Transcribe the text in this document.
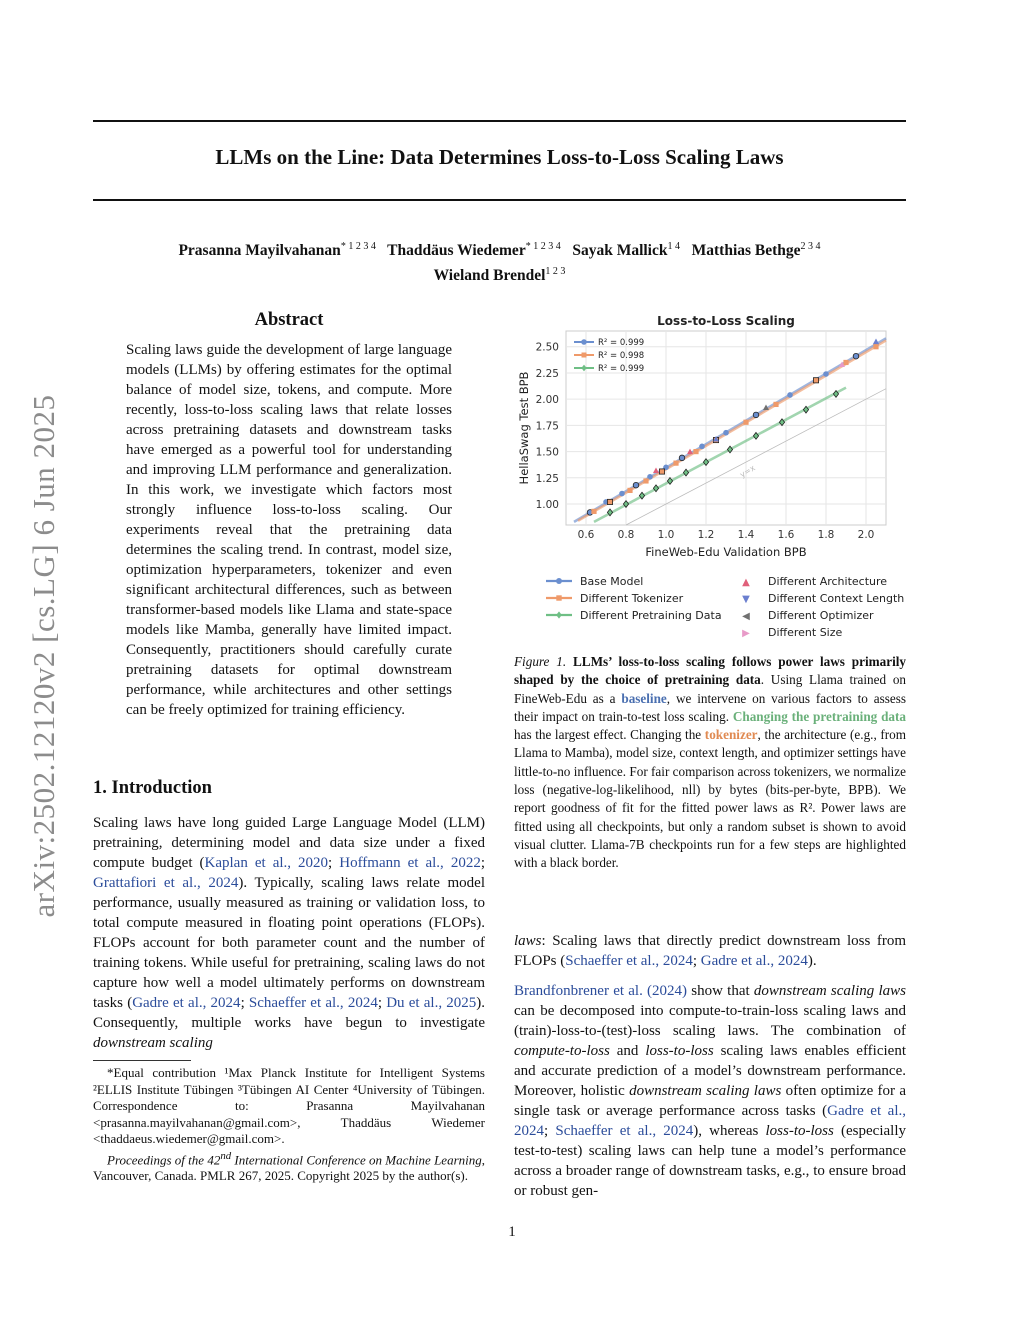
arXiv:2502.12120v2 [cs.LG] 6 Jun 2025
LLMs on the Line: Data Determines Loss-to-Loss Scaling Laws
Prasanna Mayilvahanan$^{* 1 2 3 4}$ Thaddäus Wiedemer$^{* 1 2 3 4}$ Sayak Mallick$^{1 4}$ Matthias Bethge$^{2 3 4}$
Wieland Brendel$^{1 2 3}$
Abstract
Scaling laws guide the development of large language models (LLMs) by offering estimates for the optimal balance of model size, tokens, and compute. More recently, loss-to-loss scaling laws that relate losses across pretraining datasets and downstream tasks have emerged as a powerful tool for understanding and improving LLM performance and generalization. In this work, we investigate which factors most strongly influence loss-to-loss scaling. Our experiments reveal that the pretraining data determines the scaling trend. In contrast, model size, optimization hyperparameters, tokenizer and even significant architectural differences, such as between transformer-based models like Llama and state-space models like Mamba, generally have limited impact. Consequently, practitioners should carefully curate pretraining datasets for optimal downstream performance, while architectures and other settings can be freely optimized for training efficiency.
1. Introduction
Scaling laws have long guided Large Language Model (LLM) pretraining, determining model and data size under a fixed compute budget (Kaplan et al., 2020; Hoffmann et al., 2022; Grattafiori et al., 2024). Typically, scaling laws relate model performance, usually measured as training or validation loss, to total compute measured in floating point operations (FLOPs). FLOPs account for both parameter count and the number of training tokens. While useful for pretraining, scaling laws do not capture how well a model ultimately performs on downstream tasks (Gadre et al., 2024; Schaeffer et al., 2024; Du et al., 2025). Consequently, multiple works have begun to investigate downstream scaling

*Equal contribution ¹Max Planck Institute for Intelligent Systems ²ELLIS Institute Tübingen ³Tübingen AI Center ⁴University of Tübingen. Correspondence to: Prasanna Mayilvahanan <prasanna.mayilvahanan@gmail.com>, Thaddäus Wiedemer <thaddaeus.wiedemer@gmail.com>.

Proceedings of the 42nd International Conference on Machine Learning, Vancouver, Canada. PMLR 267, 2025. Copyright 2025 by the author(s).

Loss-to-Loss Scaling
y=x
0.6 0.8 1.0 1.2 1.4 1.6 1.8 2.0
1.00
1.25
1.50
1.75
2.00
2.25
2.50
FineWeb-Edu Validation BPB
HellaSwag Test BPB
R² = 0.999
R² = 0.998
R² = 0.999
Base Model
Different Tokenizer
Different Pretraining Data
▲ Different Architecture
▼ Different Context Length
◀ Different Optimizer
▶ Different Size
Figure 1. LLMs’ loss-to-loss scaling follows power laws primarily shaped by the choice of pretraining data. Using Llama trained on FineWeb-Edu as a baseline, we intervene on various factors to assess their impact on train-to-test loss scaling. Changing the pretraining data has the largest effect. Changing the tokenizer, the architecture (e.g., from Llama to Mamba), model size, context length, and optimizer settings have little-to-no influence. For fair comparison across tokenizers, we normalize loss (negative-log-likelihood, nll) by bytes (bits-per-byte, BPB). We report goodness of fit for the fitted power laws as R². Power laws are fitted using all checkpoints, but only a random subset is shown to avoid visual clutter. Llama-7B checkpoints run for a few steps are highlighted with a black border.

laws: Scaling laws that directly predict downstream loss from FLOPs (Schaeffer et al., 2024; Gadre et al., 2024).

Brandfonbrener et al. (2024) show that downstream scaling laws can be decomposed into compute-to-train-loss scaling laws and (train)-loss-to-(test)-loss scaling laws. The combination of compute-to-loss and loss-to-loss scaling laws enables efficient and accurate prediction of a model’s downstream performance. Moreover, holistic downstream scaling laws often optimize for a single task or average performance across tasks (Gadre et al., 2024; Schaeffer et al., 2024), whereas loss-to-loss (especially test-to-test) scaling laws can help tune a model’s performance across a broader range of downstream tasks, e.g., to ensure broad or robust gen-

1
